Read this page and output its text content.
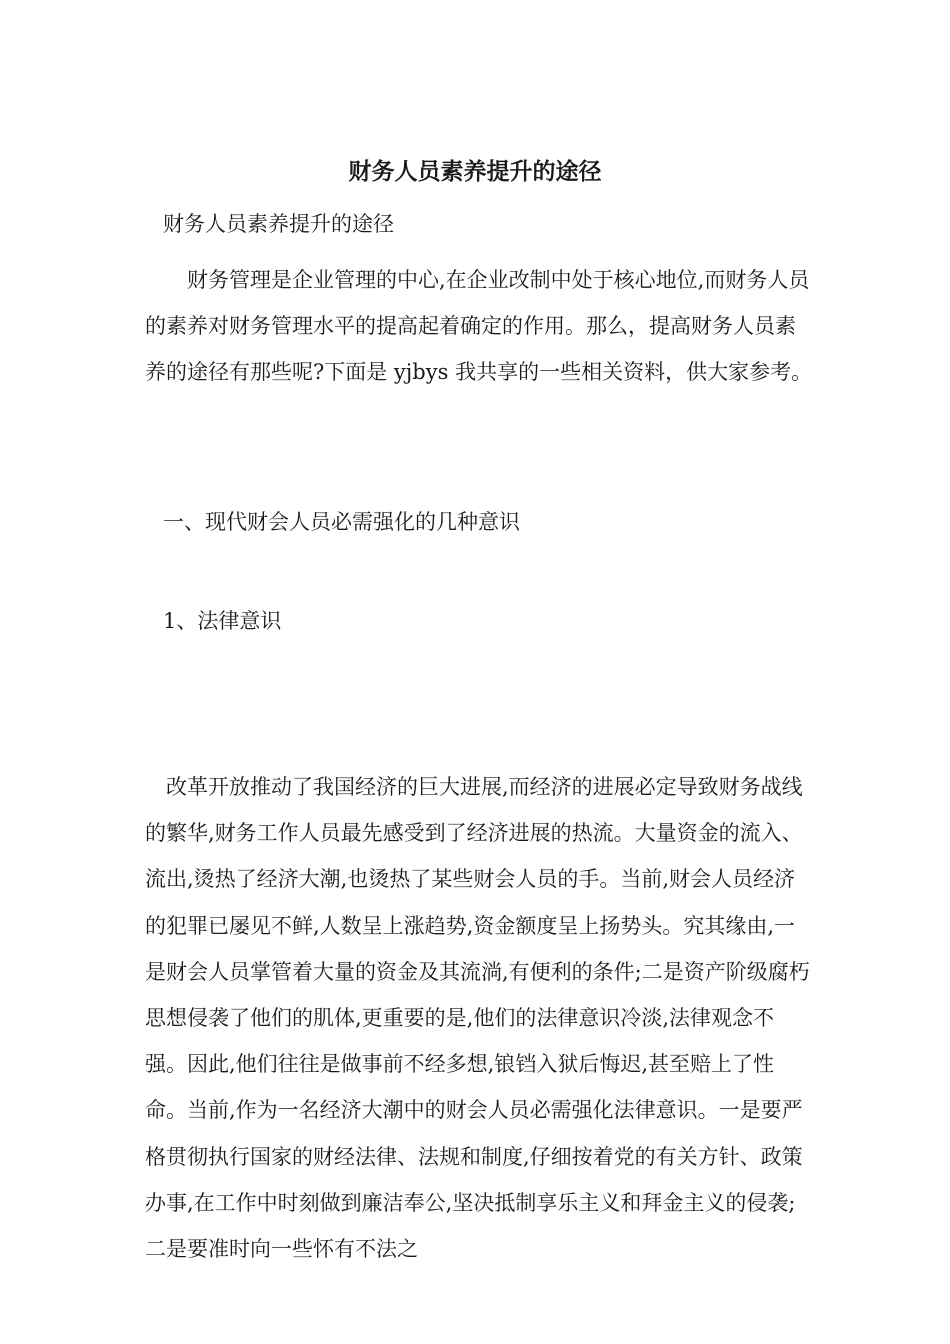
财务人员素养提升的途径
财务人员素养提升的途径

财务管理是企业管理的中心,在企业改制中处于核心地位,而财务人员的素养对财务管理水平的提高起着确定的作用。那么，提高财务人员素养的途径有那些呢?下面是 yjbys 我共享的一些相关资料，供大家参考。

一、现代财会人员必需强化的几种意识
1、法律意识

改革开放推动了我国经济的巨大进展,而经济的进展必定导致财务战线的繁华,财务工作人员最先感受到了经济进展的热流。大量资金的流入、流出,烫热了经济大潮,也烫热了某些财会人员的手。当前,财会人员经济的犯罪已屡见不鲜,人数呈上涨趋势,资金额度呈上扬势头。究其缘由,一是财会人员掌管着大量的资金及其流淌,有便利的条件;二是资产阶级腐朽思想侵袭了他们的肌体,更重要的是,他们的法律意识冷淡,法律观念不强。因此,他们往往是做事前不经多想,锒铛入狱后悔迟,甚至赔上了性命。当前,作为一名经济大潮中的财会人员必需强化法律意识。一是要严格贯彻执行国家的财经法律、法规和制度,仔细按着党的有关方针、政策办事,在工作中时刻做到廉洁奉公,坚决抵制享乐主义和拜金主义的侵袭;二是要准时向一些怀有不法之
